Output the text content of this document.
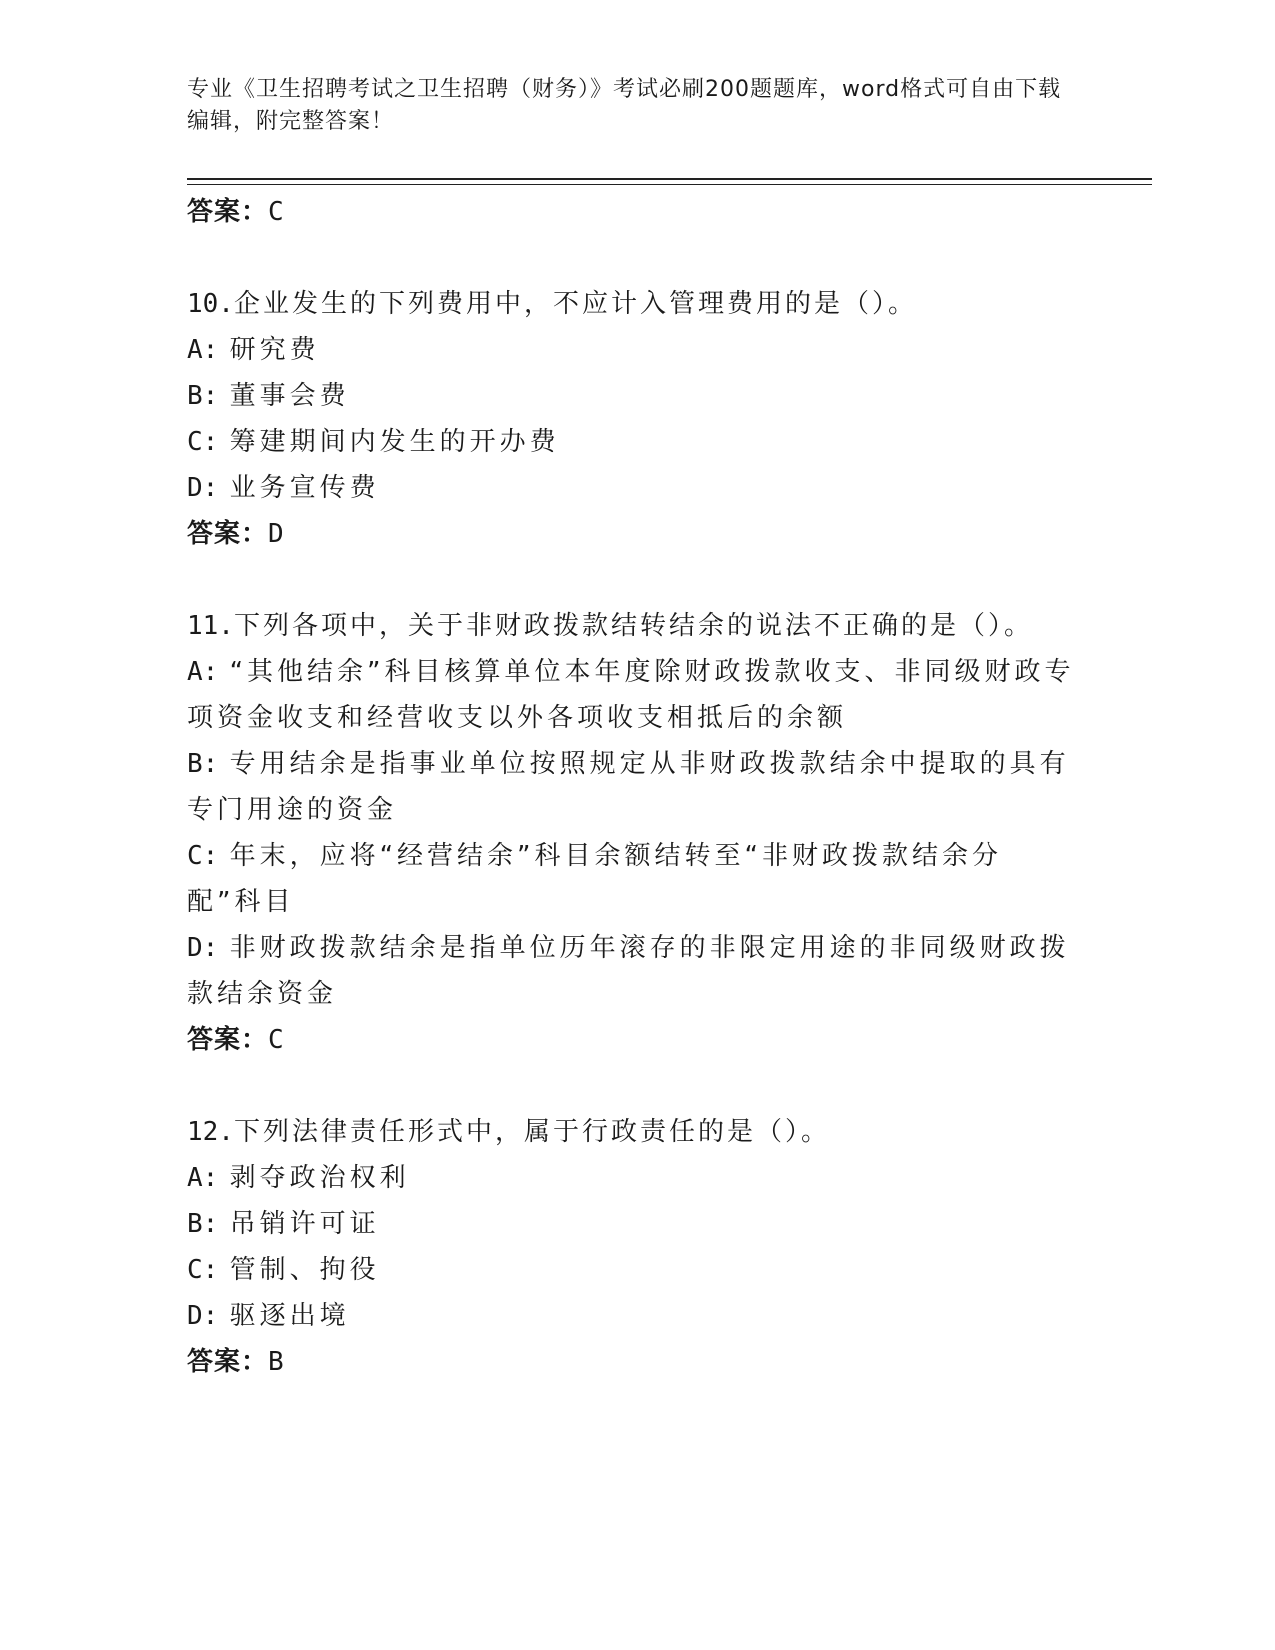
专业《卫生招聘考试之卫生招聘（财务）》考试必刷200题题库，word格式可自由下载编辑，附完整答案！

答案：C

10.企业发生的下列费用中，不应计入管理费用的是（）。

A: 研究费

B: 董事会费

C: 筹建期间内发生的开办费

D: 业务宣传费

答案：D

11.下列各项中，关于非财政拨款结转结余的说法不正确的是（）。

A: “其他结余”科目核算单位本年度除财政拨款收支、非同级财政专项资金收支和经营收支以外各项收支相抵后的余额

B: 专用结余是指事业单位按照规定从非财政拨款结余中提取的具有专门用途的资金

C: 年末，应将“经营结余”科目余额结转至“非财政拨款结余分配”科目

D: 非财政拨款结余是指单位历年滚存的非限定用途的非同级财政拨款结余资金

答案：C

12.下列法律责任形式中，属于行政责任的是（）。

A: 剥夺政治权利

B: 吊销许可证

C: 管制、拘役

D: 驱逐出境

答案：B
